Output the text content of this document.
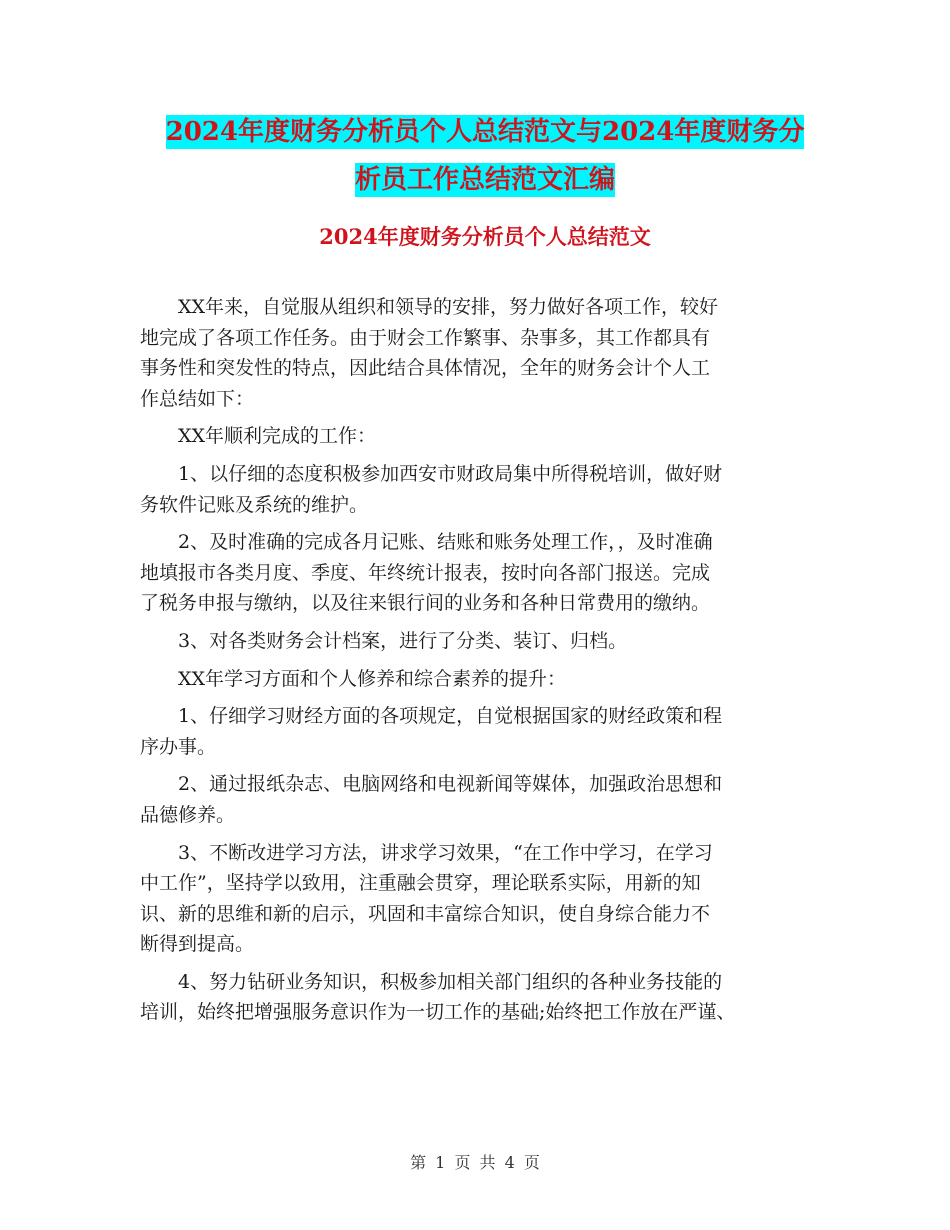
2024年度财务分析员个人总结范文与2024年度财务分
析员工作总结范文汇编
2024年度财务分析员个人总结范文

XX年来，自觉服从组织和领导的安排，努力做好各项工作，较好

地完成了各项工作任务。由于财会工作繁事、杂事多，其工作都具有

事务性和突发性的特点，因此结合具体情况，全年的财务会计个人工

作总结如下：

XX年顺利完成的工作：

1、以仔细的态度积极参加西安市财政局集中所得税培训，做好财

务软件记账及系统的维护。

2、及时准确的完成各月记账、结账和账务处理工作，，及时准确

地填报市各类月度、季度、年终统计报表，按时向各部门报送。完成

了税务申报与缴纳，以及往来银行间的业务和各种日常费用的缴纳。

3、对各类财务会计档案，进行了分类、装订、归档。

XX年学习方面和个人修养和综合素养的提升：

1、仔细学习财经方面的各项规定，自觉根据国家的财经政策和程

序办事。

2、通过报纸杂志、电脑网络和电视新闻等媒体，加强政治思想和

品德修养。

3、不断改进学习方法，讲求学习效果，“在工作中学习，在学习

中工作”，坚持学以致用，注重融会贯穿，理论联系实际，用新的知

识、新的思维和新的启示，巩固和丰富综合知识，使自身综合能力不

断得到提高。

4、努力钻研业务知识，积极参加相关部门组织的各种业务技能的

培训，始终把增强服务意识作为一切工作的基础;始终把工作放在严谨、

第 1 页 共 4 页
